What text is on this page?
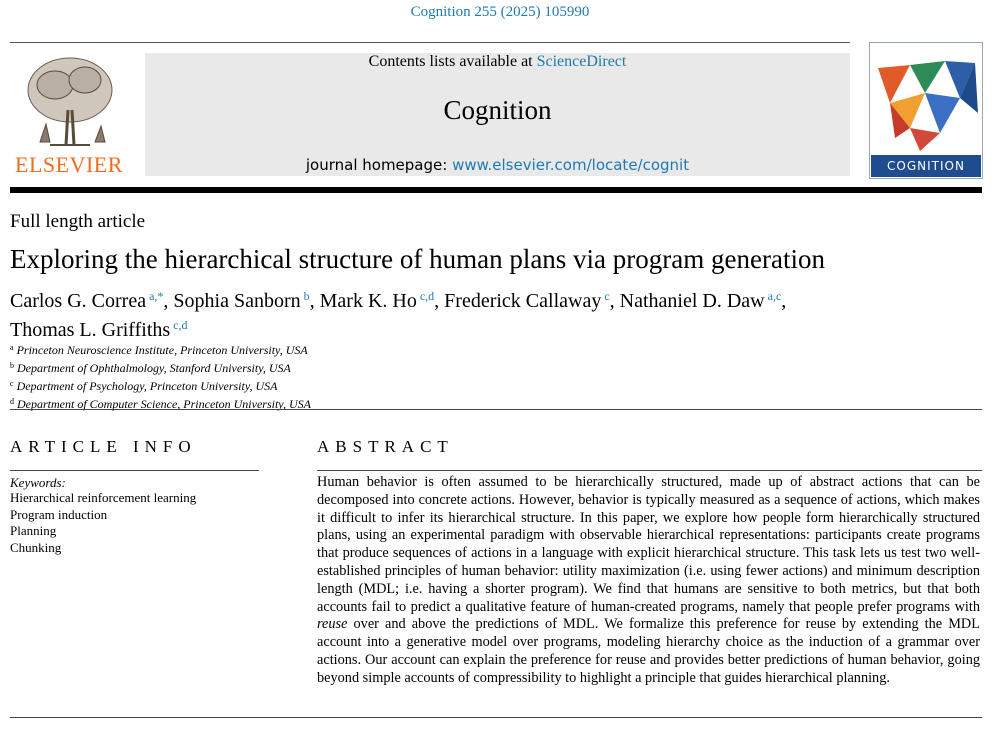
Cognition 255 (2025) 105990
ELSEVIER
Contents lists available at ScienceDirect
Cognition
journal homepage: www.elsevier.com/locate/cognit	COGNITION
Full length article
Exploring the hierarchical structure of human plans via program generation
Carlos G. Correa $^{a,*}$, Sophia Sanborn $^b$, Mark K. Ho $^{c,d}$, Frederick Callaway $^c$, Nathaniel D. Daw $^{a,c}$,
Thomas L. Griffiths $^{c,d}$
$^a$ Princeton Neuroscience Institute, Princeton University, USA
$^b$ Department of Ophthalmology, Stanford University, USA
$^c$ Department of Psychology, Princeton University, USA
$^d$ Department of Computer Science, Princeton University, USA
ARTICLE INFO
Keywords:
Hierarchical reinforcement learning
Program induction
Planning
Chunking
ABSTRACT
Human behavior is often assumed to be hierarchically structured, made up of abstract actions that can be decomposed into concrete actions. However, behavior is typically measured as a sequence of actions, which makes it difficult to infer its hierarchical structure. In this paper, we explore how people form hierarchically structured plans, using an experimental paradigm with observable hierarchical representations: participants create programs that produce sequences of actions in a language with explicit hierarchical structure. This task lets us test two well-established principles of human behavior: utility maximization (i.e. using fewer actions) and minimum description length (MDL; i.e. having a shorter program). We find that humans are sensitive to both metrics, but that both accounts fail to predict a qualitative feature of human-created programs, namely that people prefer programs with reuse over and above the predictions of MDL. We formalize this preference for reuse by extending the MDL account into a generative model over programs, modeling hierarchy choice as the induction of a grammar over actions. Our account can explain the preference for reuse and provides better predictions of human behavior, going beyond simple accounts of compressibility to highlight a principle that guides hierarchical planning.
